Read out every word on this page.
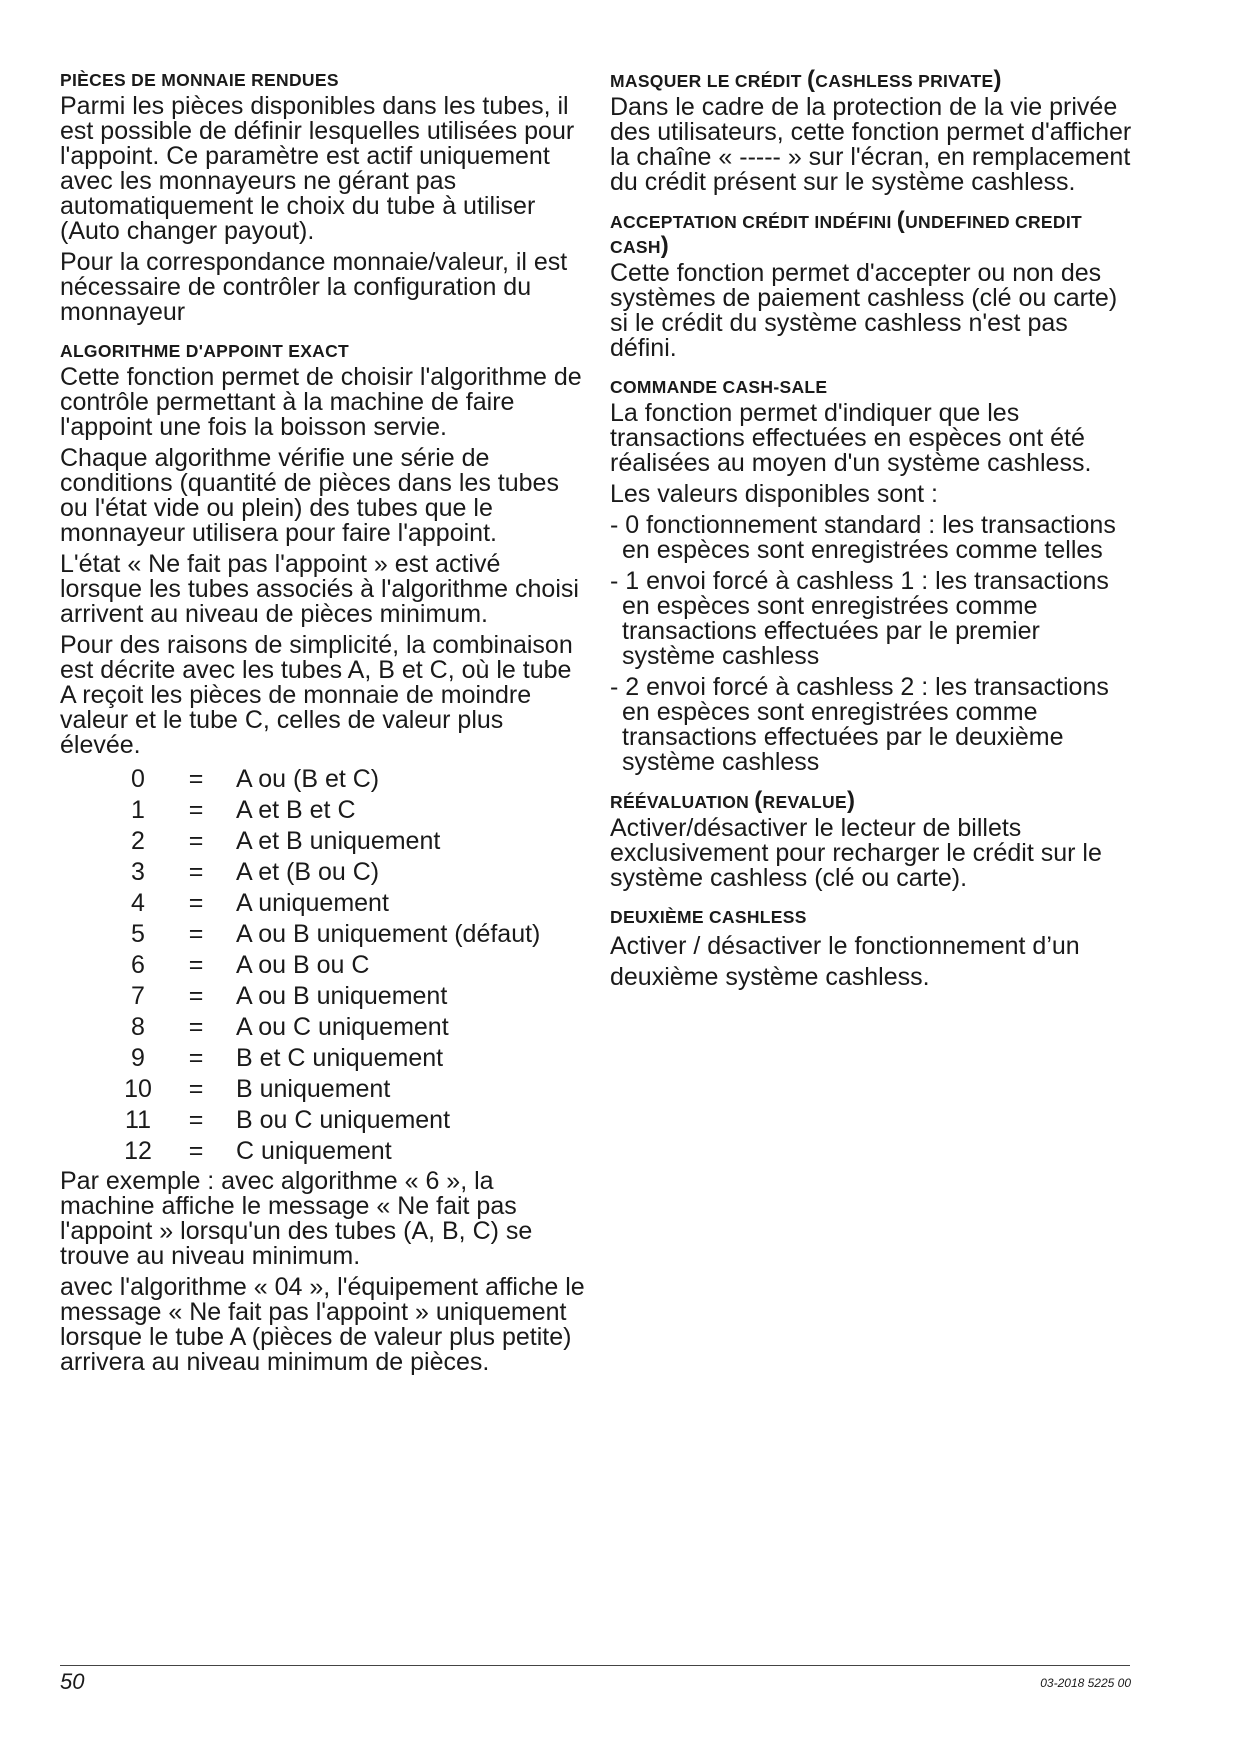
PIÈCES DE MONNAIE RENDUES

Parmi les pièces disponibles dans les tubes, il est possible de définir lesquelles utilisées pour l'appoint. Ce paramètre est actif uniquement avec les monnayeurs ne gérant pas automatiquement le choix du tube à utiliser (Auto changer payout).

Pour la correspondance monnaie/valeur, il est nécessaire de contrôler la configuration du monnayeur

ALGORITHME D'APPOINT EXACT

Cette fonction permet de choisir l'algorithme de contrôle permettant à la machine de faire l'appoint une fois la boisson servie.

Chaque algorithme vérifie une série de conditions (quantité de pièces dans les tubes ou l'état vide ou plein) des tubes que le monnayeur utilisera pour faire l'appoint.

L'état « Ne fait pas l'appoint » est activé lorsque les tubes associés à l'algorithme choisi arrivent au niveau de pièces minimum.

Pour des raisons de simplicité, la combinaison est décrite avec les tubes A, B et C, où le tube A reçoit les pièces de monnaie de moindre valeur et le tube C, celles de valeur plus élevée.

0	=	A ou (B et C)
1	=	A et B et C
2	=	A et B uniquement
3	=	A et (B ou C)
4	=	A uniquement
5	=	A ou B uniquement (défaut)
6	=	A ou B ou C
7	=	A ou B uniquement
8	=	A ou C uniquement
9	=	B et C uniquement
10	=	B uniquement
11	=	B ou C uniquement
12	=	C uniquement

Par exemple : avec algorithme « 6 », la machine affiche le message « Ne fait pas l'appoint » lorsqu'un des tubes (A, B, C) se trouve au niveau minimum.

avec l'algorithme « 04 », l'équipement affiche le message « Ne fait pas l'appoint » uniquement lorsque le tube A (pièces de valeur plus petite) arrivera au niveau minimum de pièces.

MASQUER LE CRÉDIT (CASHLESS PRIVATE)

Dans le cadre de la protection de la vie privée des utilisateurs, cette fonction permet d'afficher la chaîne « ----- » sur l'écran, en remplacement du crédit présent sur le système cashless.

ACCEPTATION CRÉDIT INDÉFINI (UNDEFINED CREDIT CASH)

Cette fonction permet d'accepter ou non des systèmes de paiement cashless (clé ou carte) si le crédit du système cashless n'est pas défini.

COMMANDE CASH-SALE

La fonction permet d'indiquer que les transactions effectuées en espèces ont été réalisées au moyen d'un système cashless.

Les valeurs disponibles sont :

- 0 fonctionnement standard : les transactions en espèces sont enregistrées comme telles

- 1 envoi forcé à cashless 1 : les transactions en espèces sont enregistrées comme transactions effectuées par le premier système cashless

- 2 envoi forcé à cashless 2 : les transactions en espèces sont enregistrées comme transactions effectuées par le deuxième système cashless

RÉÉVALUATION (REVALUE)

Activer/désactiver le lecteur de billets exclusivement pour recharger le crédit sur le système cashless (clé ou carte).

DEUXIÈME CASHLESS

Activer / désactiver le fonctionnement d’un deuxième système cashless.

50	03-2018 5225 00
